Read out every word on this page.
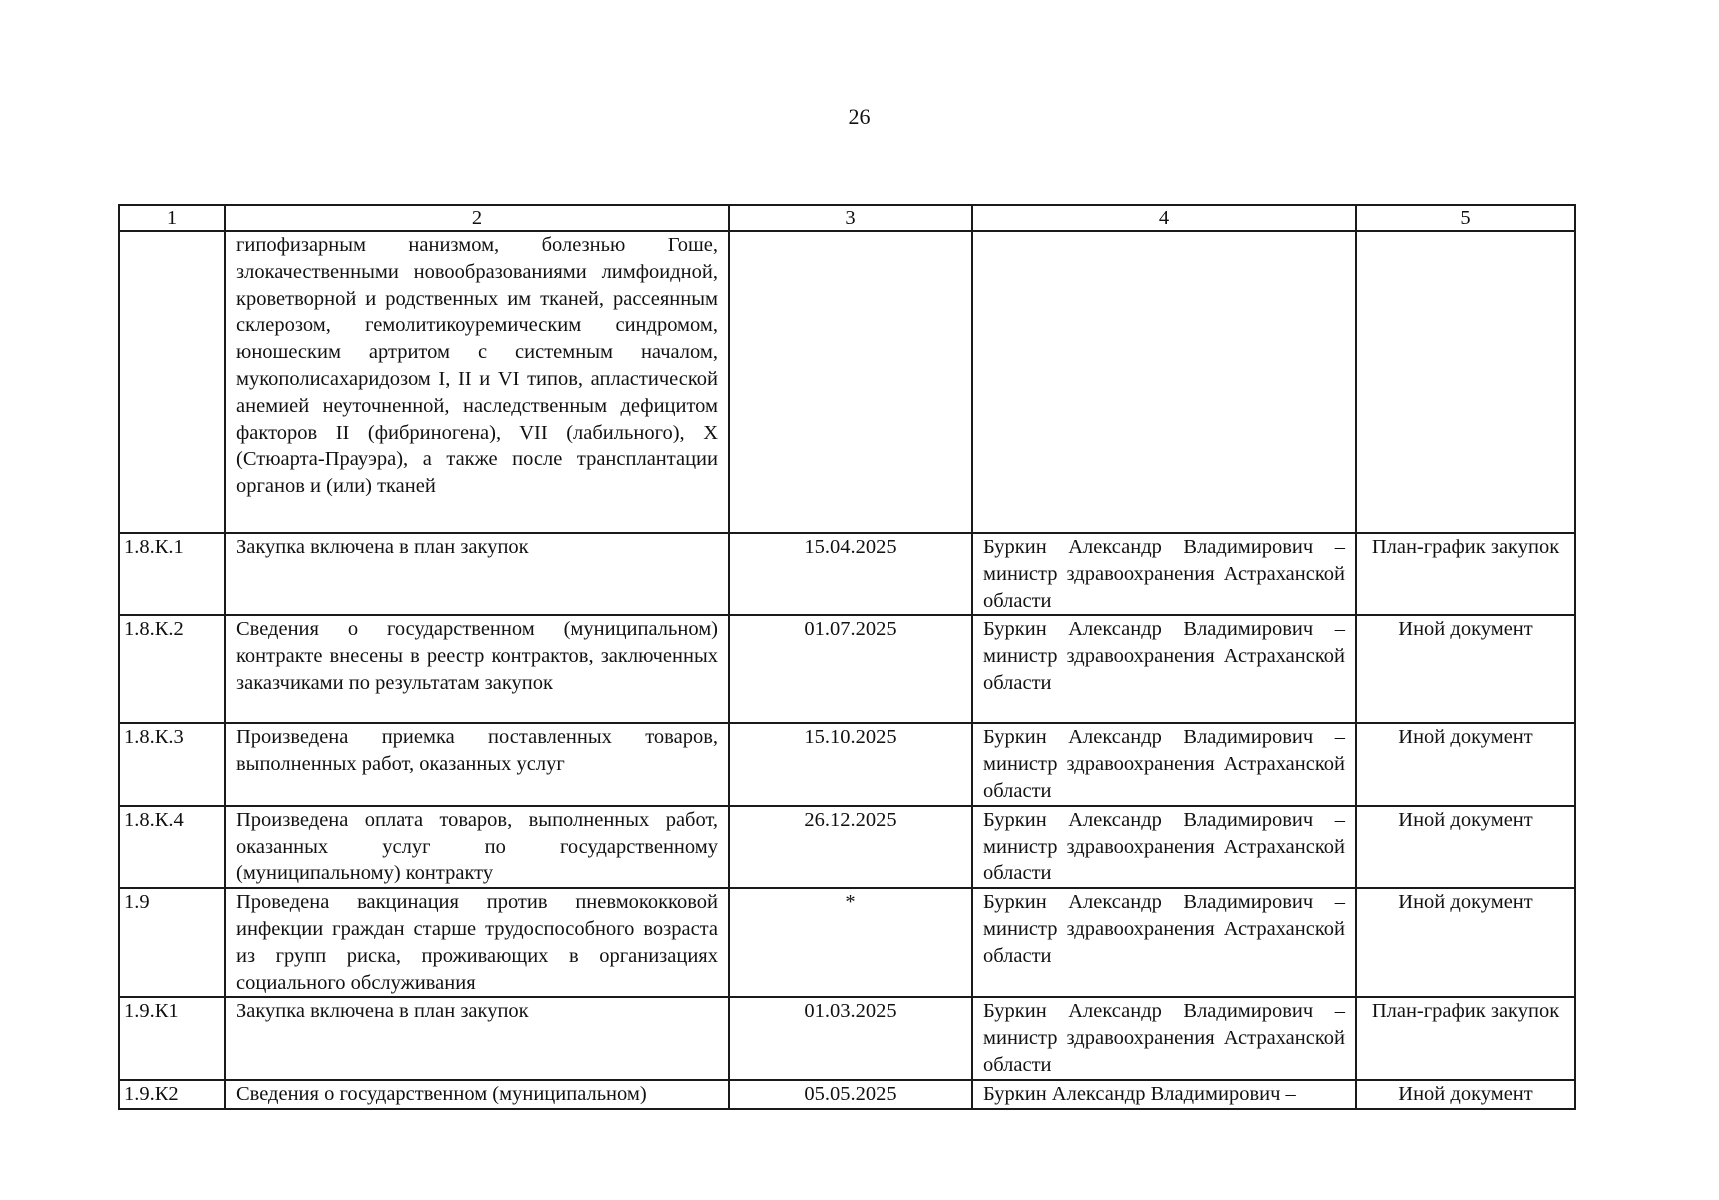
26
1	2	3	4	5
	гипофизарным нанизмом, болезнью Гоше, злокачественными новообразованиями лимфоидной, кроветворной и родственных им тканей, рассеянным склерозом, гемолитикоуремическим синдромом, юношеским артритом с системным началом, мукополисахаридозом I, II и VI типов, апластической анемией неуточненной, наследственным дефицитом факторов II (фибриногена), VII (лабильного), X (Стюарта-Прауэра), а также после трансплантации органов и (или) тканей			
1.8.К.1	Закупка включена в план закупок	15.04.2025	Буркин Александр Владимирович – министр здравоохранения Астраханской области	План-график закупок
1.8.К.2	Сведения о государственном (муниципальном) контракте внесены в реестр контрактов, заключенных заказчиками по результатам закупок	01.07.2025	Буркин Александр Владимирович – министр здравоохранения Астраханской области	Иной документ
1.8.К.3	Произведена приемка поставленных товаров, выполненных работ, оказанных услуг	15.10.2025	Буркин Александр Владимирович – министр здравоохранения Астраханской области	Иной документ
1.8.К.4	Произведена оплата товаров, выполненных работ, оказанных услуг по государственному (муниципальному) контракту	26.12.2025	Буркин Александр Владимирович – министр здравоохранения Астраханской области	Иной документ
1.9	Проведена вакцинация против пневмококковой инфекции граждан старше трудоспособного возраста из групп риска, проживающих в организациях социального обслуживания	*	Буркин Александр Владимирович – министр здравоохранения Астраханской области	Иной документ
1.9.К1	Закупка включена в план закупок	01.03.2025	Буркин Александр Владимирович – министр здравоохранения Астраханской области	План-график закупок
1.9.К2	Сведения о государственном (муниципальном)	05.05.2025	Буркин Александр Владимирович –	Иной документ
